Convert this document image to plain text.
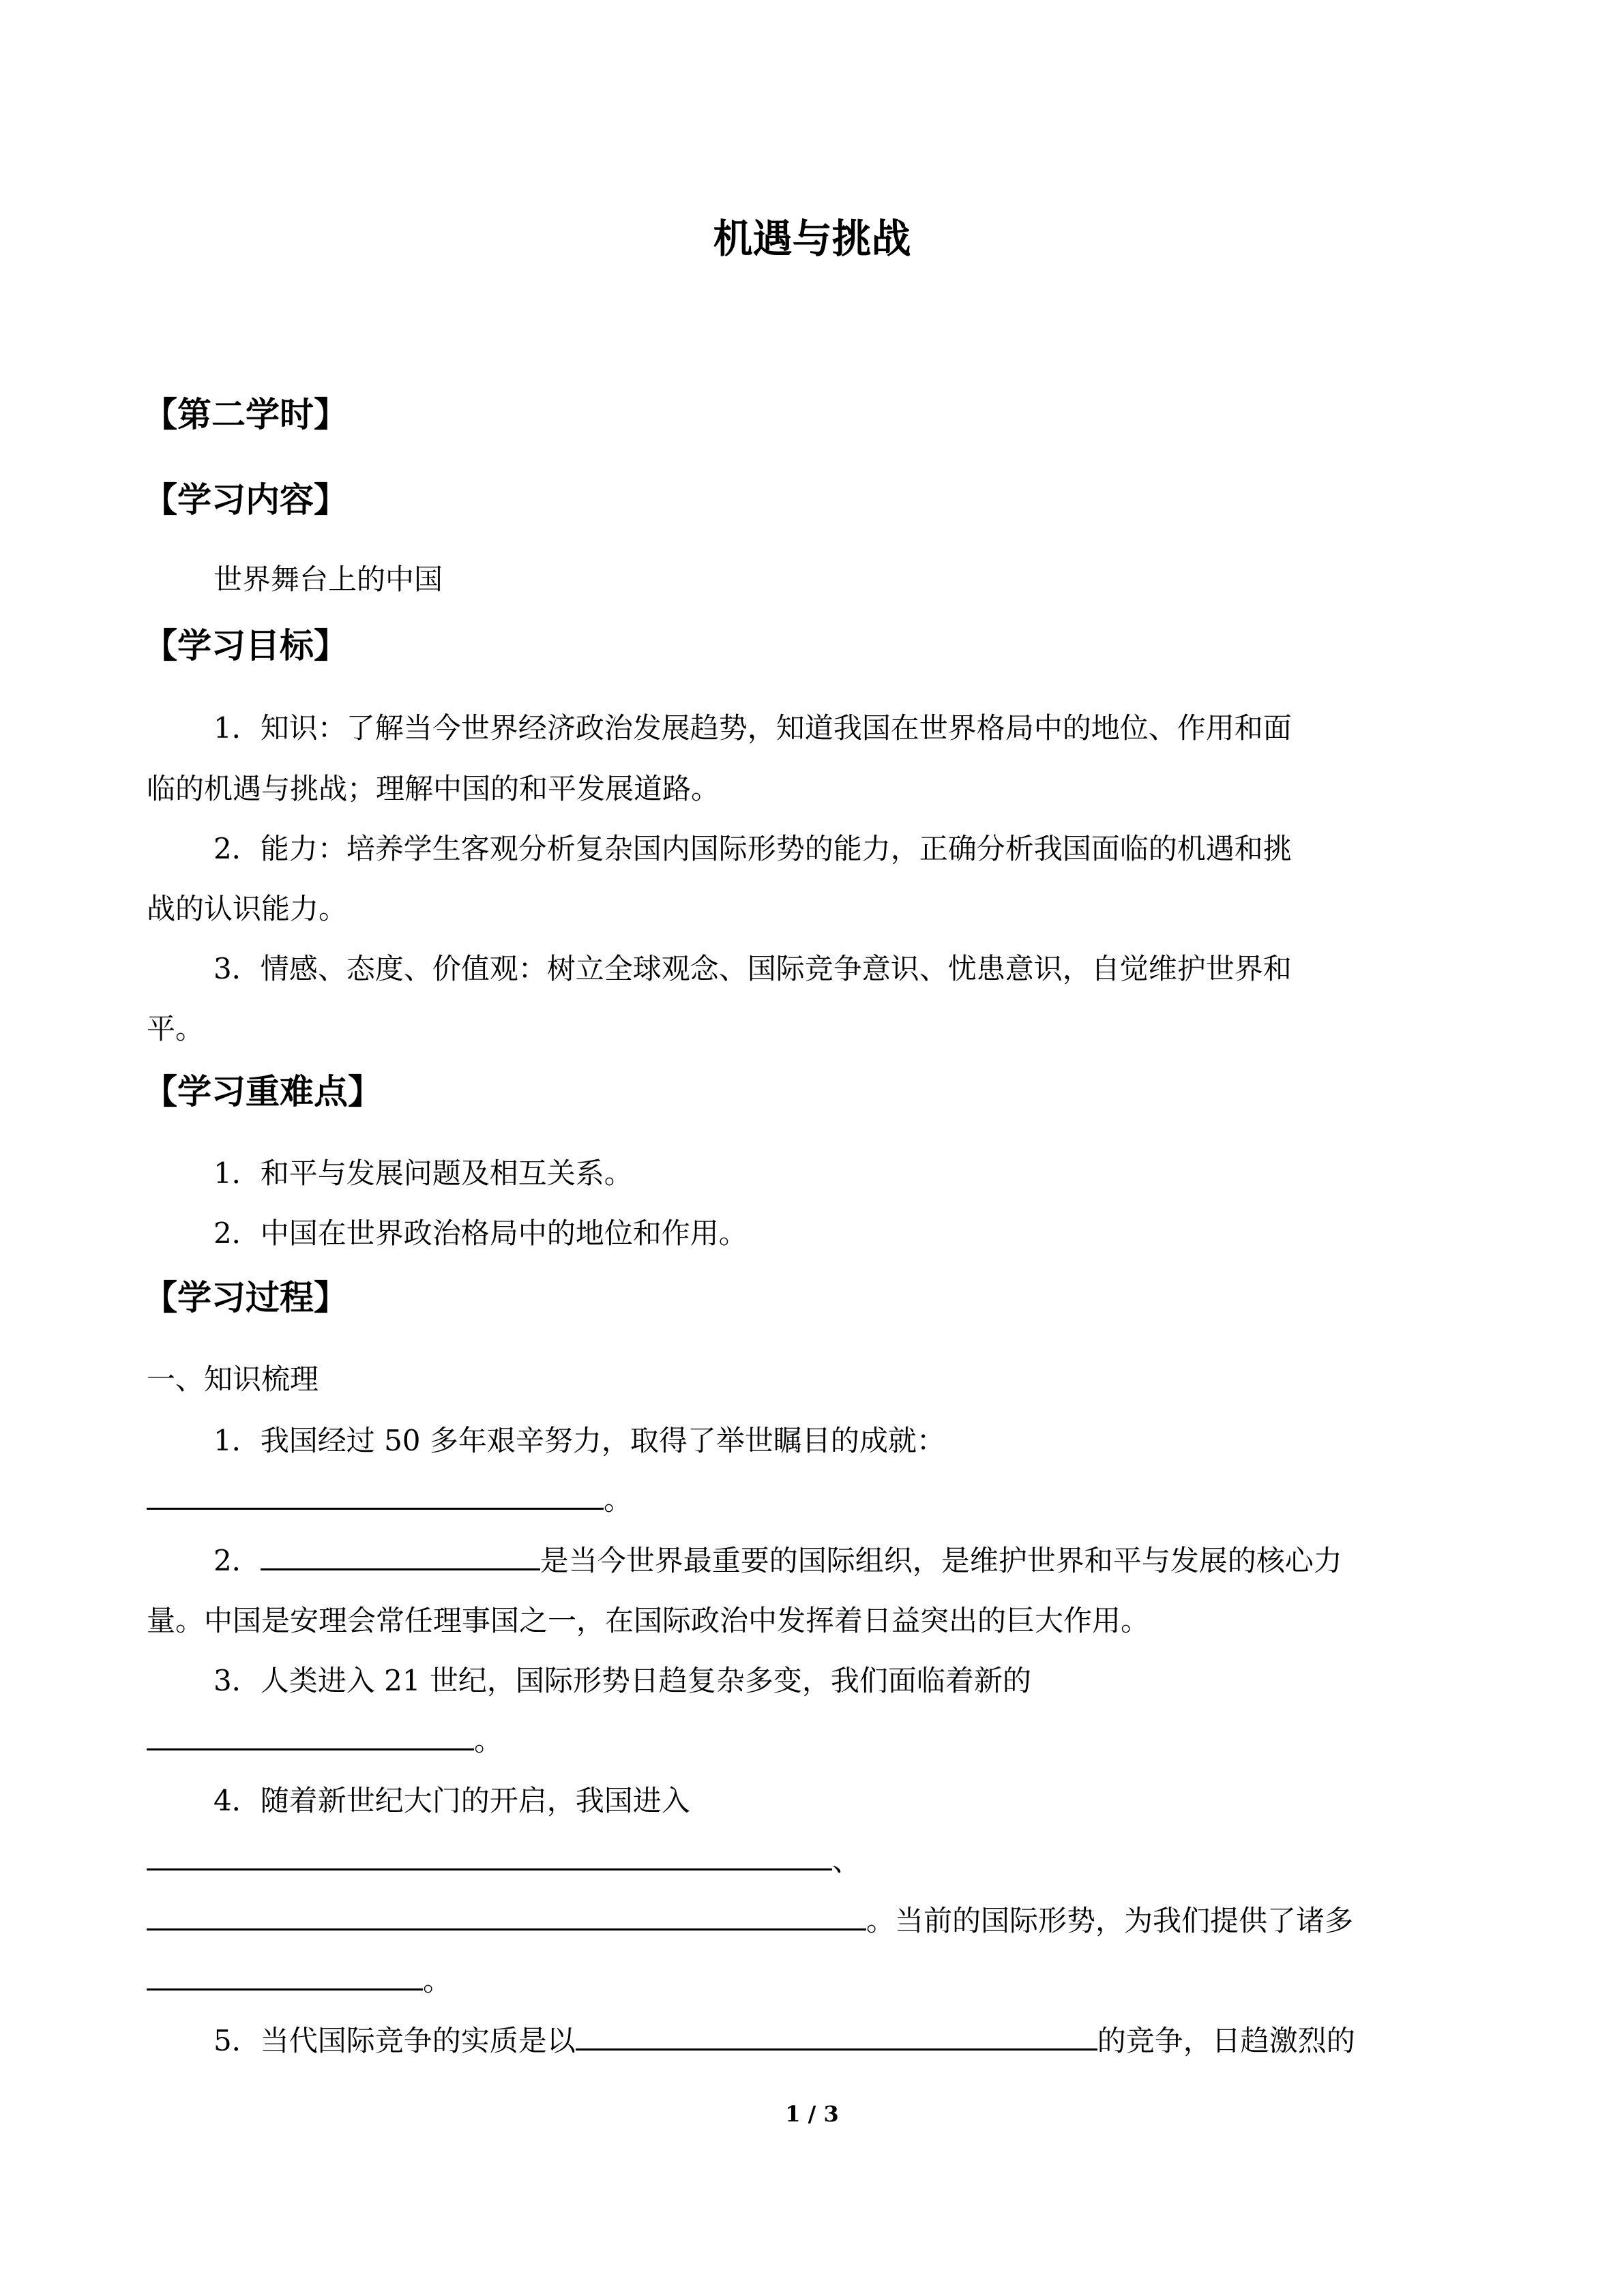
机遇与挑战
【第二学时】
【学习内容】
世界舞台上的中国
【学习目标】
1．知识：了解当今世界经济政治发展趋势，知道我国在世界格局中的地位、作用和面
临的机遇与挑战；理解中国的和平发展道路。
2．能力：培养学生客观分析复杂国内国际形势的能力，正确分析我国面临的机遇和挑
战的认识能力。
3．情感、态度、价值观：树立全球观念、国际竞争意识、忧患意识，自觉维护世界和
平。
【学习重难点】
1．和平与发展问题及相互关系。
2．中国在世界政治格局中的地位和作用。
【学习过程】
一、知识梳理
1．我国经过 50 多年艰辛努力，取得了举世瞩目的成就：
。
2．	是当今世界最重要的国际组织，是维护世界和平与发展的核心力
量。中国是安理会常任理事国之一，在国际政治中发挥着日益突出的巨大作用。
3．人类进入 21 世纪，国际形势日趋复杂多变，我们面临着新的
。
4．随着新世纪大门的开启，我国进入
、
。当前的国际形势，为我们提供了诸多
。
5．当代国际竞争的实质是以	的竞争，日趋激烈的
1 / 3
